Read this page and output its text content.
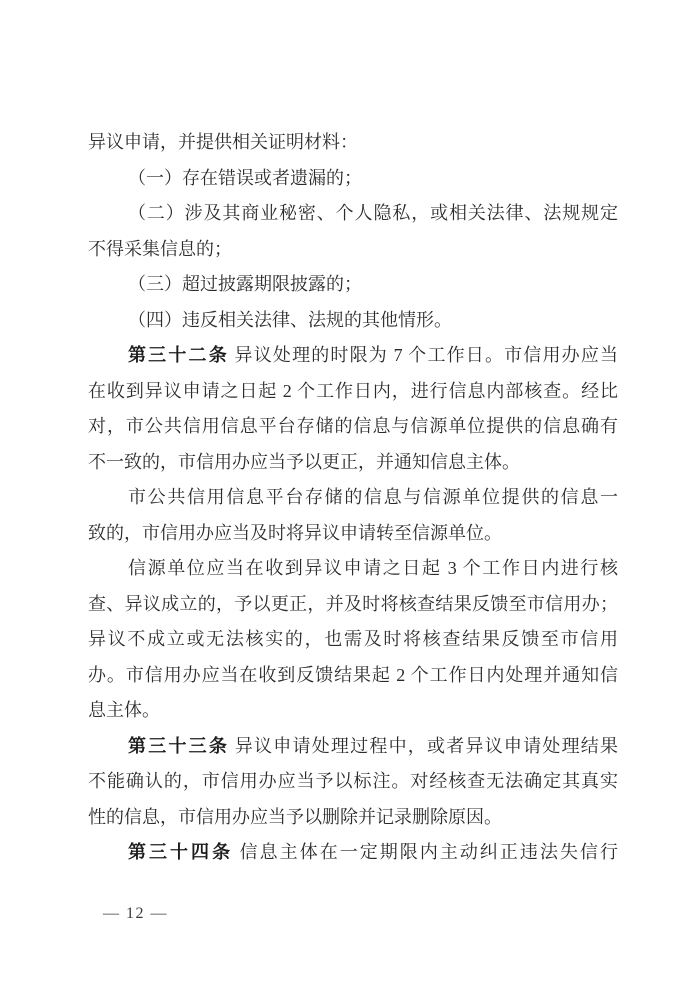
异议申请，并提供相关证明材料：
（一）存在错误或者遗漏的；
（二）涉及其商业秘密、个人隐私，或相关法律、法规规定
不得采集信息的；
（三）超过披露期限披露的；
（四）违反相关法律、法规的其他情形。
第三十二条 异议处理的时限为 7 个工作日。市信用办应当
在收到异议申请之日起 2 个工作日内，进行信息内部核查。经比
对，市公共信用信息平台存储的信息与信源单位提供的信息确有
不一致的，市信用办应当予以更正，并通知信息主体。
市公共信用信息平台存储的信息与信源单位提供的信息一
致的，市信用办应当及时将异议申请转至信源单位。
信源单位应当在收到异议申请之日起 3 个工作日内进行核
查、异议成立的，予以更正，并及时将核查结果反馈至市信用办；
异议不成立或无法核实的，也需及时将核查结果反馈至市信用
办。市信用办应当在收到反馈结果起 2 个工作日内处理并通知信
息主体。
第三十三条 异议申请处理过程中，或者异议申请处理结果
不能确认的，市信用办应当予以标注。对经核查无法确定其真实
性的信息，市信用办应当予以删除并记录删除原因。
第三十四条 信息主体在一定期限内主动纠正违法失信行
— 12 —
